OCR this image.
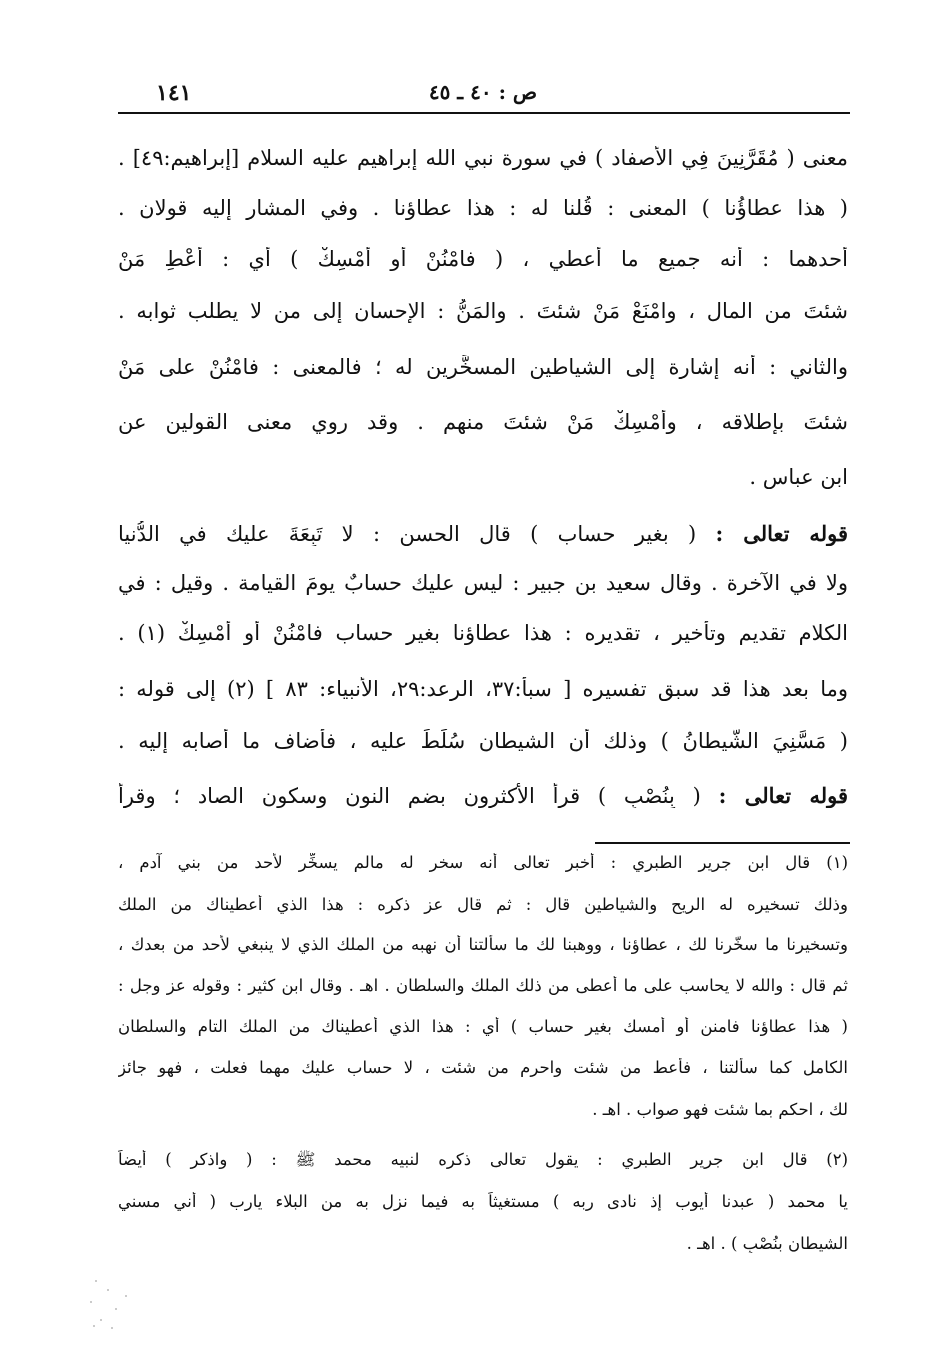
١٤١	ص : ٤٠ ـ ٤٥
معنى ( مُقَرَّنِينَ فِي الأَصفاد ) في سورة نبي الله إبراهيم عليه السلام [إبراهيم:٤٩] .
( هذا عطاؤُنا ) المعنى : قُلنا له : هذا عطاؤنا . وفي المشار إليه قولان .
أحدهما : أنه جميع ما أُعطي ، ( فامْنُنْ أو أَمْسِكْ ) أي : أَعْطِ مَنْ
شئتَ من المال ، وامْنَعْ مَنْ شئتَ . والمَنُّ : الإحسان إلى من لا يطلب ثوابه .
والثاني : أنه إشارة إلى الشياطين المسخَّرين له ؛ فالمعنى : فامْنُنْ على مَنْ
شئتَ بإطلاقه ، وأَمْسِكْ مَنْ شئتَ منهم . وقد روي معنى القولين عن
ابن عباس .
قوله تعالى : ( بغير حساب ) قال الحسن : لا تَبِعَةَ عليك في الدُّنيا
ولا في الآخرة . وقال سعيد بن جبير : ليس عليك حسابٌ يومَ القيامة . وقيل : في
الكلام تقديم وتأخير ، تقديره : هذا عطاؤنا بغير حساب فامْنُنْ أو أَمْسِكْ (١) .
وما بعد هذا قد سبق تفسيره [ سبأ:٣٧، الرعد:٢٩، الأنبياء: ٨٣ ] (٢) إلى قوله :
( مَسَّنِيَ الشَّيطانُ ) وذلك أن الشيطان سُلِّطَ عليه ، فأضاف ما أصابه إليه .
قوله تعالى : ( بِنُصْبٍ ) قرأ الأكثرون بضم النون وسكون الصاد ؛ وقرأ
(١) قال ابن جرير الطبري : أخبر تعالى أنه سخر له مالم يسخِّر لأحد من بني آدم ،
وذلك تسخيره له الريح والشياطين قال : ثم قال عز ذكره : هذا الذي أعطيناك من الملك
وتسخيرنا ما سخّرنا لك ، عطاؤنا ، ووهبنا لك ما سألتنا أن نهبه من الملك الذي لا ينبغي لأحد من بعدك ،
ثم قال : والله لا يحاسب على ما أعطى من ذلك الملك والسلطان . اهـ . وقال ابن كثير : وقوله عز وجل :
( هذا عطاؤنا فامنن أو أمسك بغير حساب ) أي : هذا الذي أعطيناك من الملك التام والسلطان
الكامل كما سألتنا ، فأعط من شئت واحرم من شئت ، لا حساب عليك مهما فعلت ، فهو جائز
لك ، احكم بما شئت فهو صواب . اهـ .
(٢) قال ابن جرير الطبري : يقول تعالى ذكره لنبيه محمد ﷺ : ( واذكر ) أيضاً
يا محمد ( عبدنا أيوب إذ نادى ربه ) مستغيثاً به فيما نزل به من البلاء يارب ( أني مسني
الشيطان بنُصْبٍ ) . اهـ .
